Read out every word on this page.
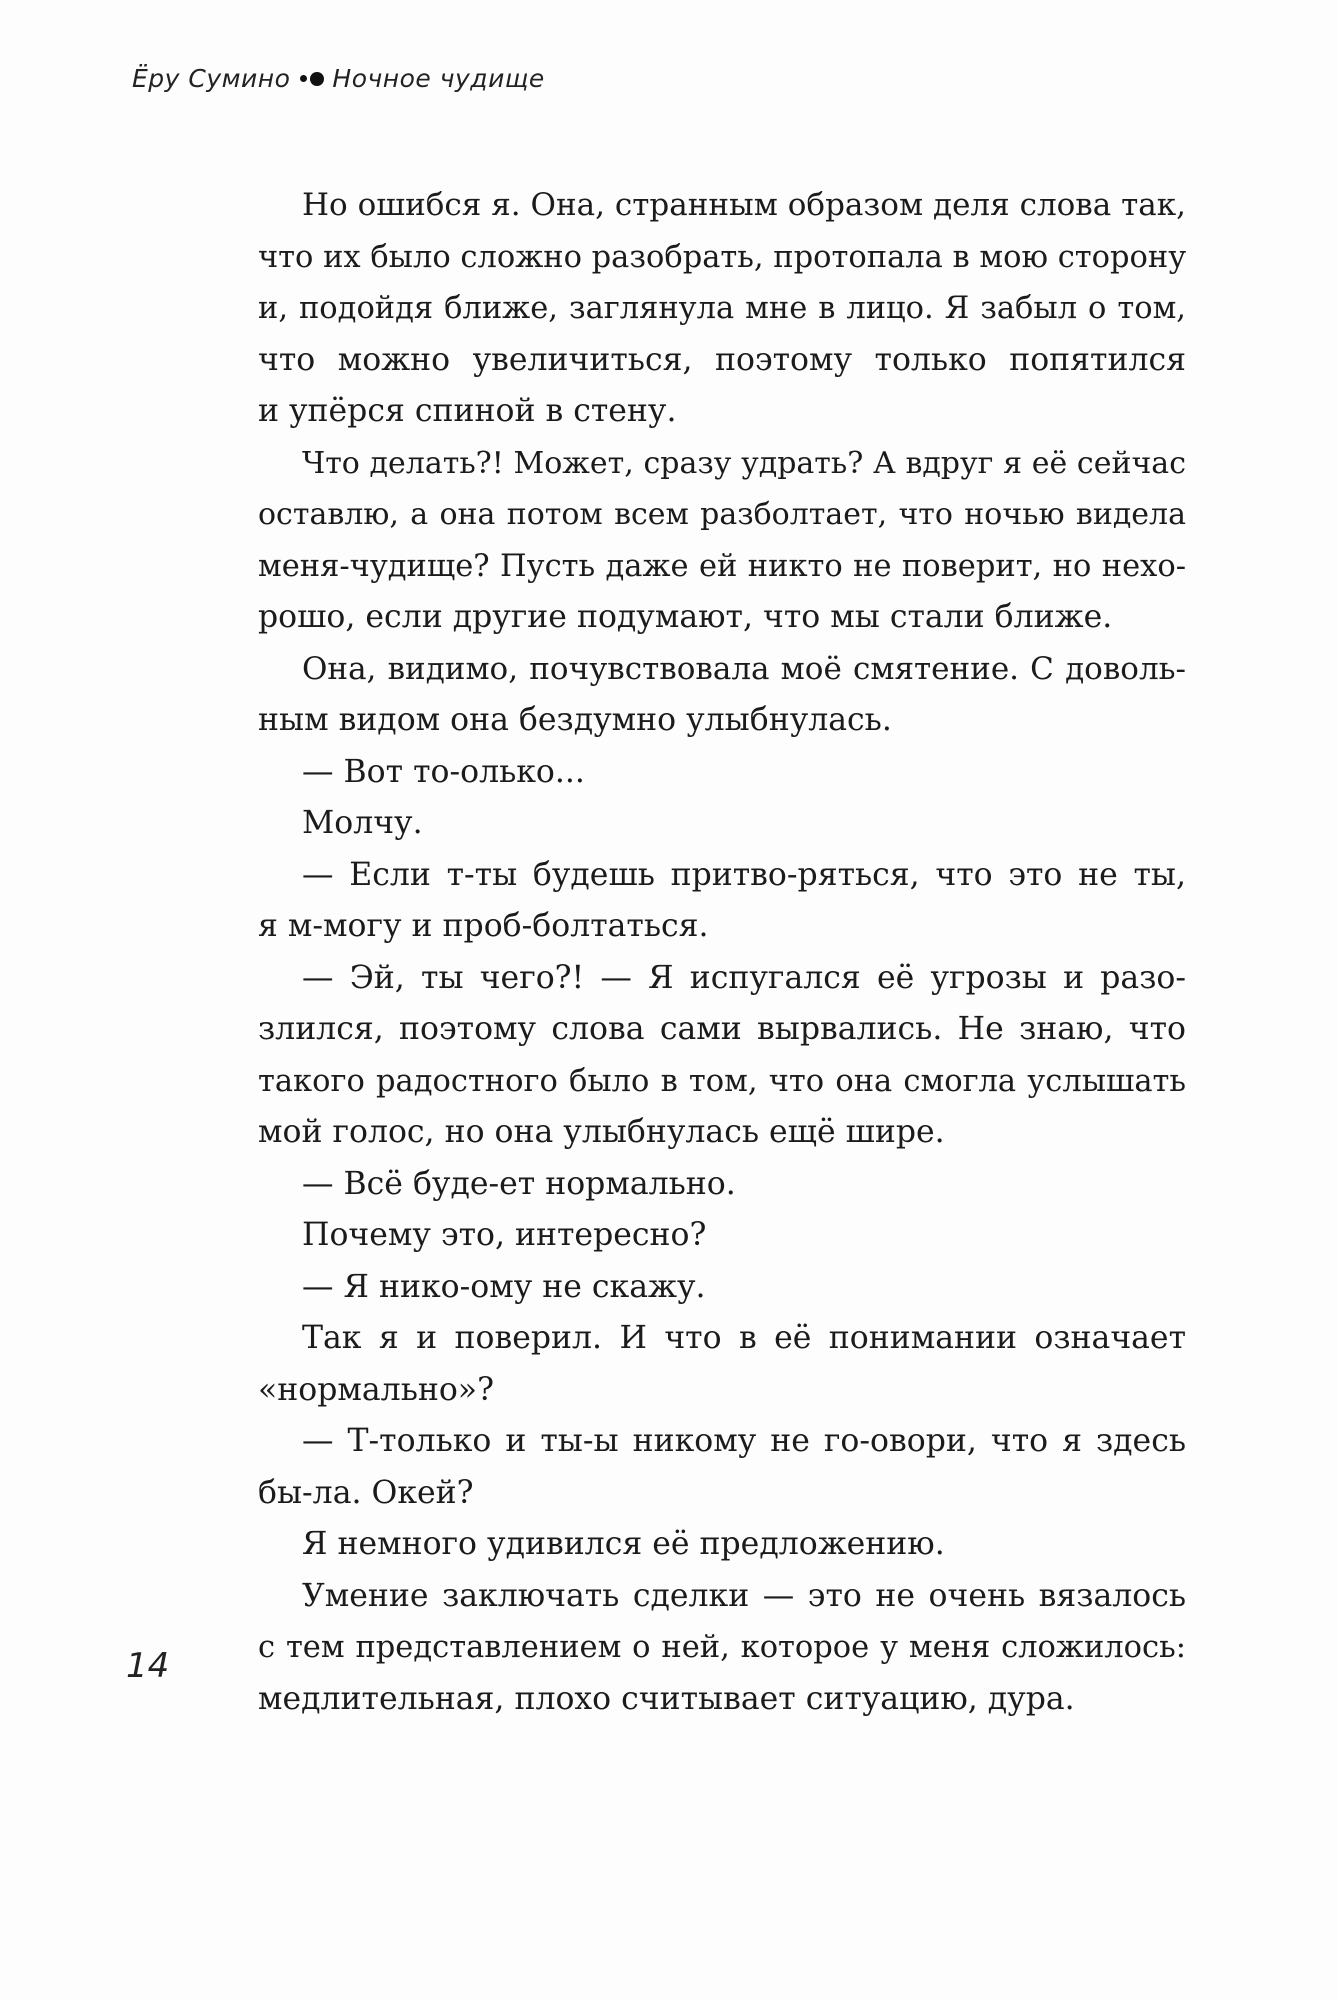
Ёру Сумино Ночное чудище
Но ошибся я. Она, странным образом деля слова так,
что их было сложно разобрать, протопала в мою сторону
и, подойдя ближе, заглянула мне в лицо. Я забыл о том,
что можно увеличиться, поэтому только попятился
и упёрся спиной в стену.
Что делать?! Может, сразу удрать? А вдруг я её сейчас
оставлю, а она потом всем разболтает, что ночью видела
меня-чудище? Пусть даже ей никто не поверит, но нехо-
рошо, если другие подумают, что мы стали ближе.
Она, видимо, почувствовала моё смятение. С доволь-
ным видом она бездумно улыбнулась.
— Вот то-олько...
Молчу.
— Если т-ты будешь притво-ряться, что это не ты,
я м-могу и проб-болтаться.
— Эй, ты чего?! — Я испугался её угрозы и разо-
злился, поэтому слова сами вырвались. Не знаю, что
такого радостного было в том, что она смогла услышать
мой голос, но она улыбнулась ещё шире.
— Всё буде-ет нормально.
Почему это, интересно?
— Я нико-ому не скажу.
Так я и поверил. И что в её понимании означает
«нормально»?
— Т-только и ты-ы никому не го-овори, что я здесь
бы-ла. Окей?
Я немного удивился её предложению.
Умение заключать сделки — это не очень вязалось
с тем представлением о ней, которое у меня сложилось:
медлительная, плохо считывает ситуацию, дура.
14
